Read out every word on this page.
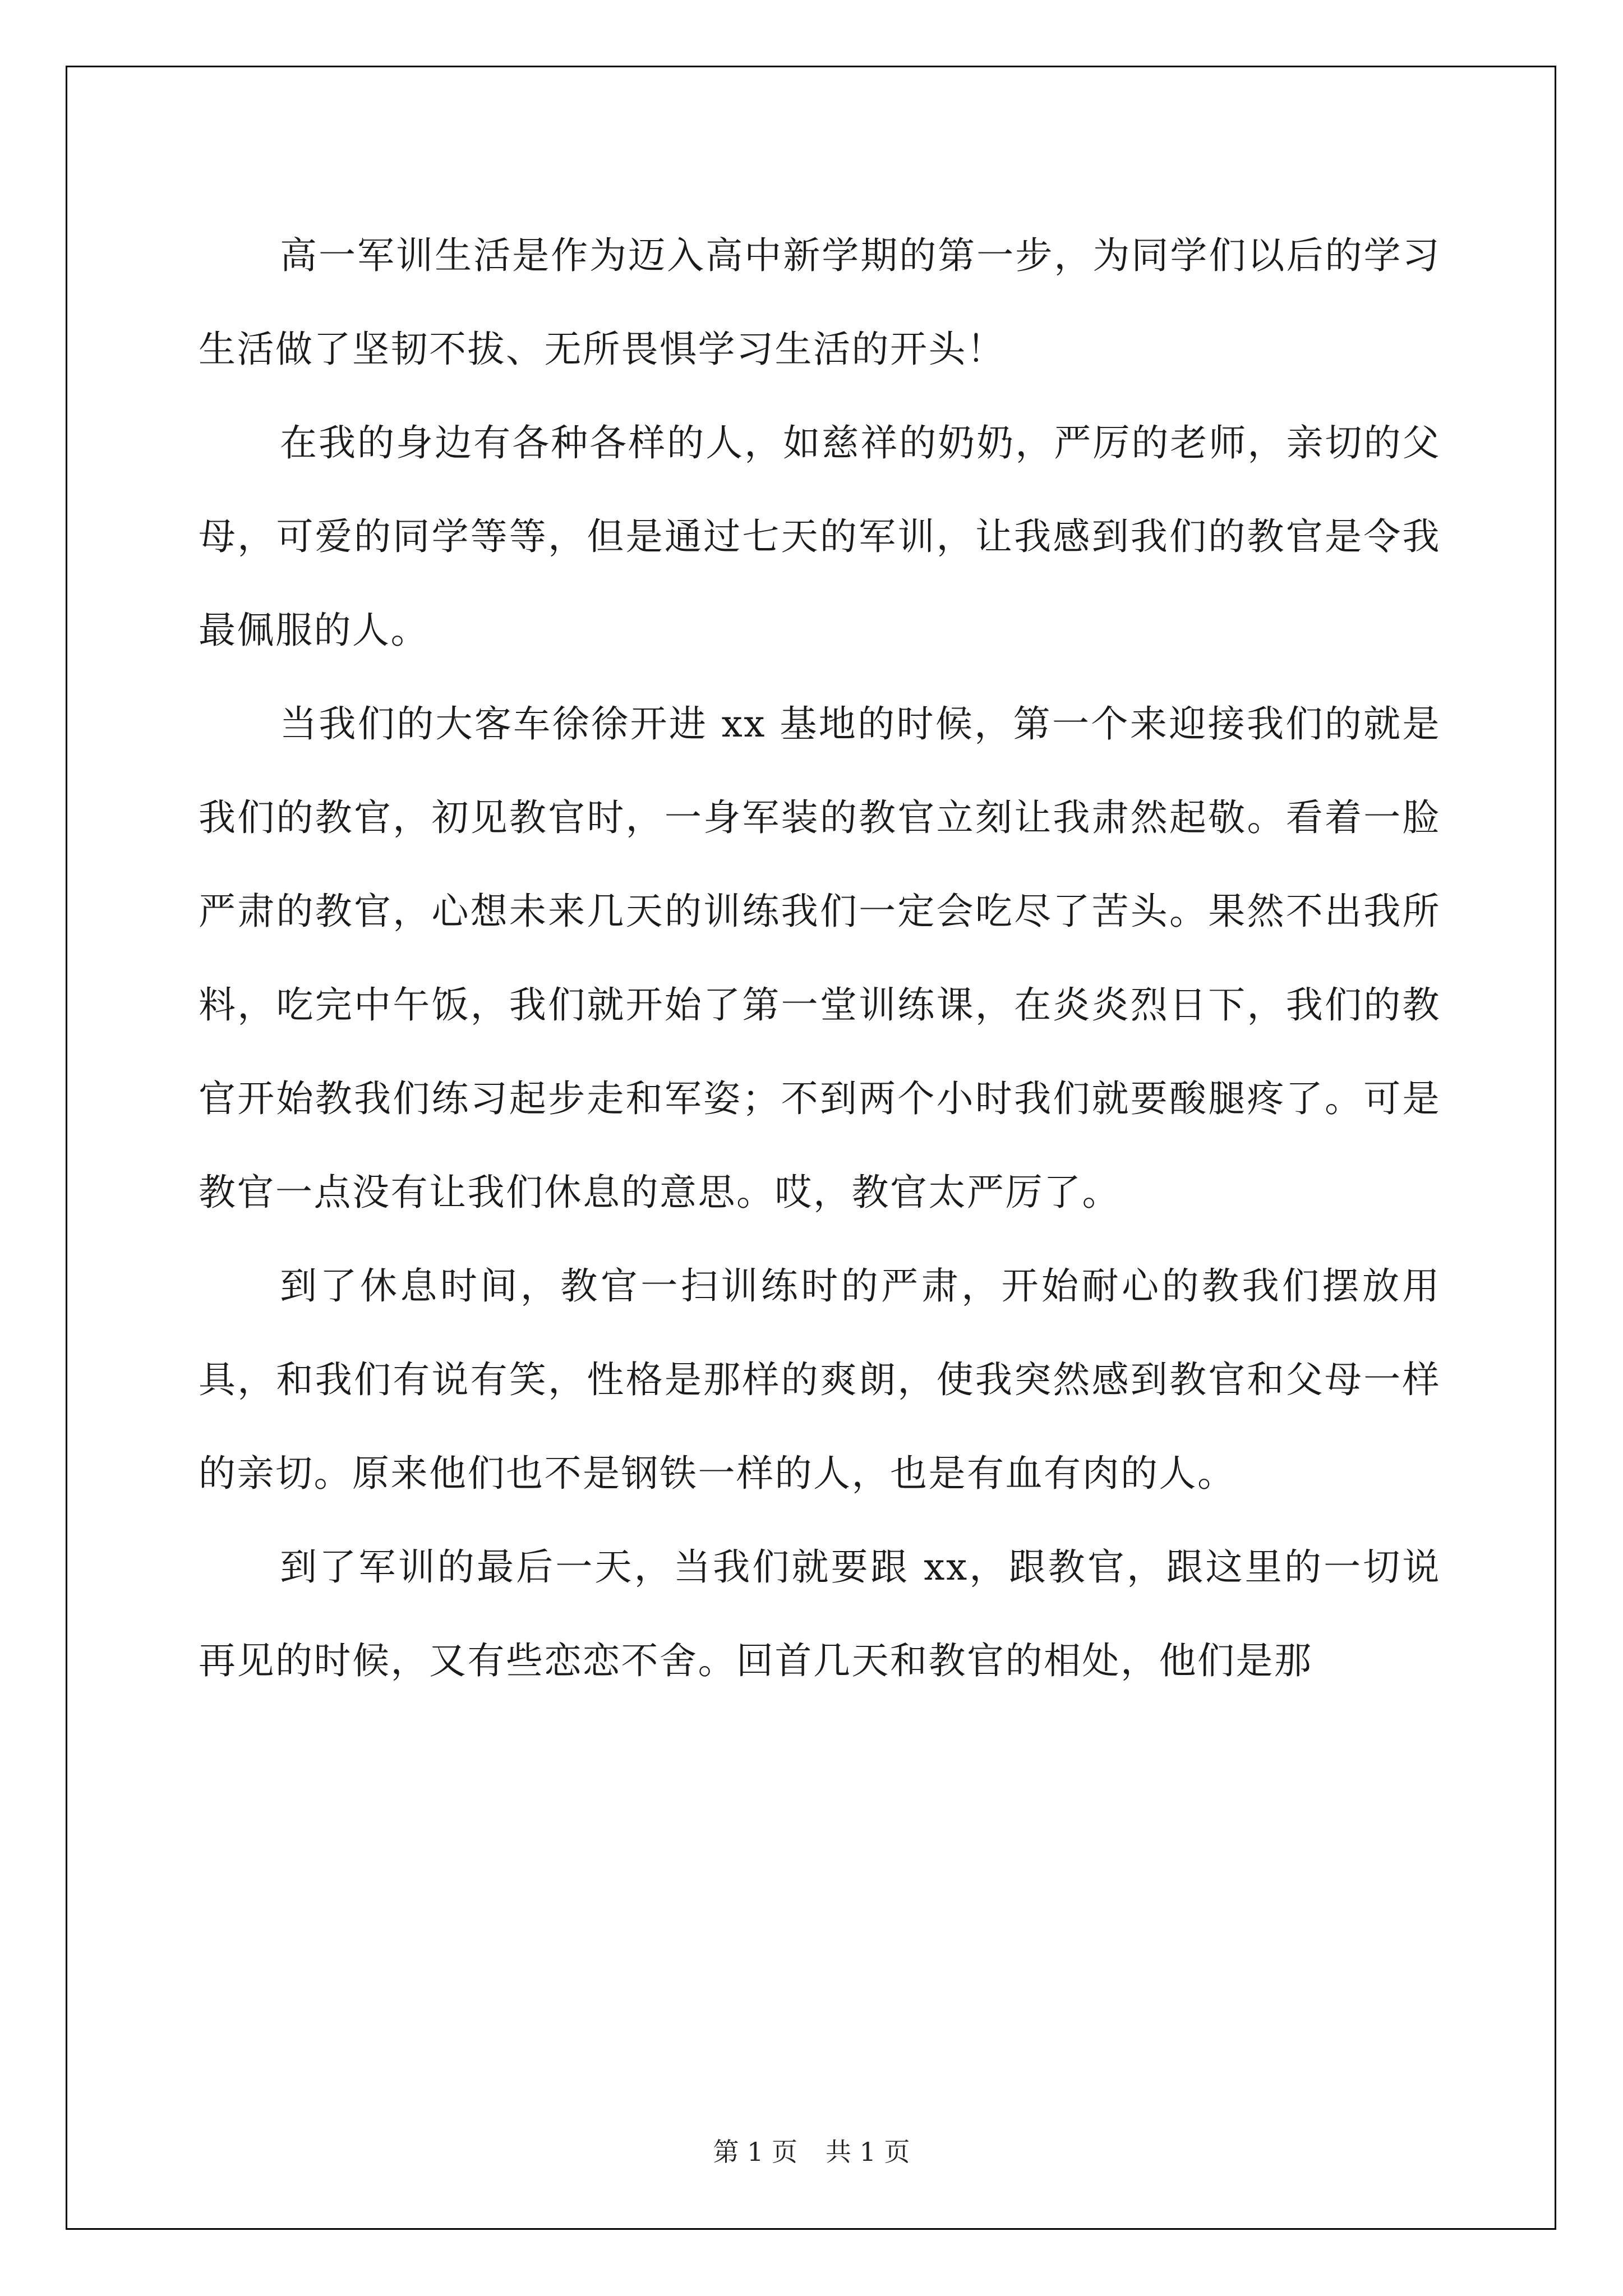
高一军训生活是作为迈入高中新学期的第一步，为同学们以后的学习生活做了坚韧不拔、无所畏惧学习生活的开头！

在我的身边有各种各样的人，如慈祥的奶奶，严厉的老师，亲切的父母，可爱的同学等等，但是通过七天的军训，让我感到我们的教官是令我最佩服的人。

当我们的大客车徐徐开进 xx 基地的时候，第一个来迎接我们的就是我们的教官，初见教官时，一身军装的教官立刻让我肃然起敬。看着一脸严肃的教官，心想未来几天的训练我们一定会吃尽了苦头。果然不出我所料，吃完中午饭，我们就开始了第一堂训练课，在炎炎烈日下，我们的教官开始教我们练习起步走和军姿；不到两个小时我们就要酸腿疼了。可是教官一点没有让我们休息的意思。哎，教官太严厉了。

到了休息时间，教官一扫训练时的严肃，开始耐心的教我们摆放用具，和我们有说有笑，性格是那样的爽朗，使我突然感到教官和父母一样的亲切。原来他们也不是钢铁一样的人，也是有血有肉的人。

到了军训的最后一天，当我们就要跟 xx，跟教官，跟这里的一切说再见的时候，又有些恋恋不舍。回首几天和教官的相处，他们是那

第 1 页 共 1 页
